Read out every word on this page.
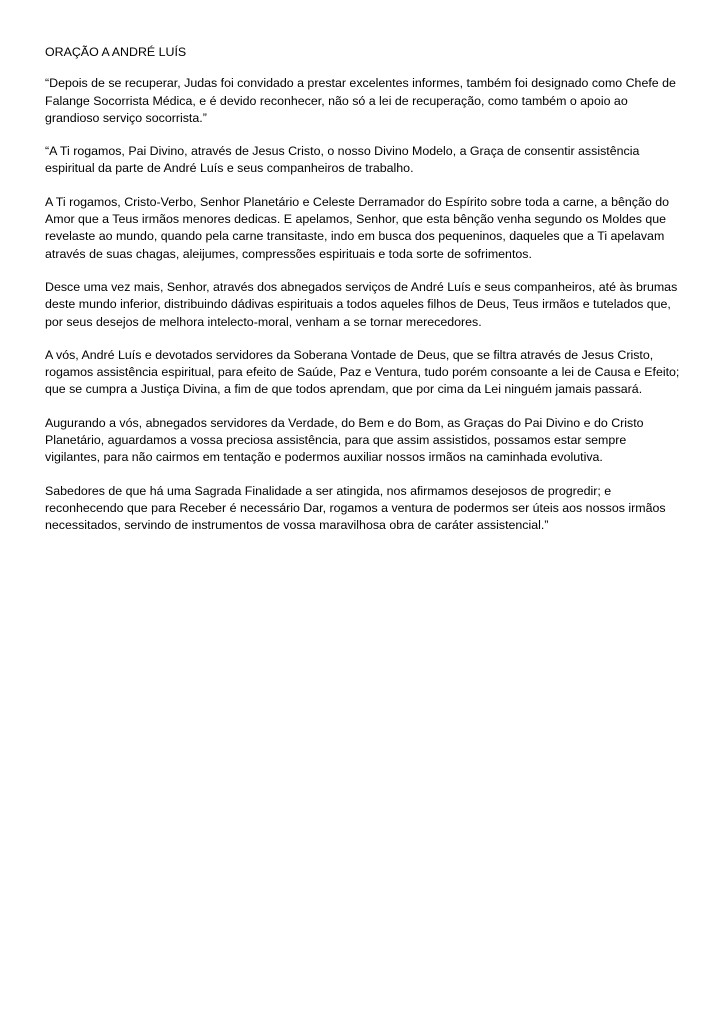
ORAÇÃO A ANDRÉ LUÍS

“Depois de se recuperar, Judas foi convidado a prestar excelentes informes, também foi designado como Chefe de Falange Socorrista Médica, e é devido reconhecer, não só a lei de recuperação, como também o apoio ao grandioso serviço socorrista.”

“A Ti rogamos, Pai Divino, através de Jesus Cristo, o nosso Divino Modelo, a Graça de consentir assistência espiritual da parte de André Luís e seus companheiros de trabalho.

A Ti rogamos, Cristo-Verbo, Senhor Planetário e Celeste Derramador do Espírito sobre toda a carne, a bênção do Amor que a Teus irmãos menores dedicas. E apelamos, Senhor, que esta bênção venha segundo os Moldes que revelaste ao mundo, quando pela carne transitaste, indo em busca dos pequeninos, daqueles que a Ti apelavam através de suas chagas, aleijumes, compressões espirituais e toda sorte de sofrimentos.

Desce uma vez mais, Senhor, através dos abnegados serviços de André Luís e seus companheiros, até às brumas deste mundo inferior, distribuindo dádivas espirituais a todos aqueles filhos de Deus, Teus irmãos e tutelados que, por seus desejos de melhora intelecto-moral, venham a se tornar merecedores.

A vós, André Luís e devotados servidores da Soberana Vontade de Deus, que se filtra através de Jesus Cristo, rogamos assistência espiritual, para efeito de Saúde, Paz e Ventura, tudo porém consoante a lei de Causa e Efeito; que se cumpra a Justiça Divina, a fim de que todos aprendam, que por cima da Lei ninguém jamais passará.

Augurando a vós, abnegados servidores da Verdade, do Bem e do Bom, as Graças do Pai Divino e do Cristo Planetário, aguardamos a vossa preciosa assistência, para que assim assistidos, possamos estar sempre vigilantes, para não cairmos em tentação e podermos auxiliar nossos irmãos na caminhada evolutiva.

Sabedores de que há uma Sagrada Finalidade a ser atingida, nos afirmamos desejosos de progredir; e reconhecendo que para Receber é necessário Dar, rogamos a ventura de podermos ser úteis aos nossos irmãos necessitados, servindo de instrumentos de vossa maravilhosa obra de caráter assistencial.”
